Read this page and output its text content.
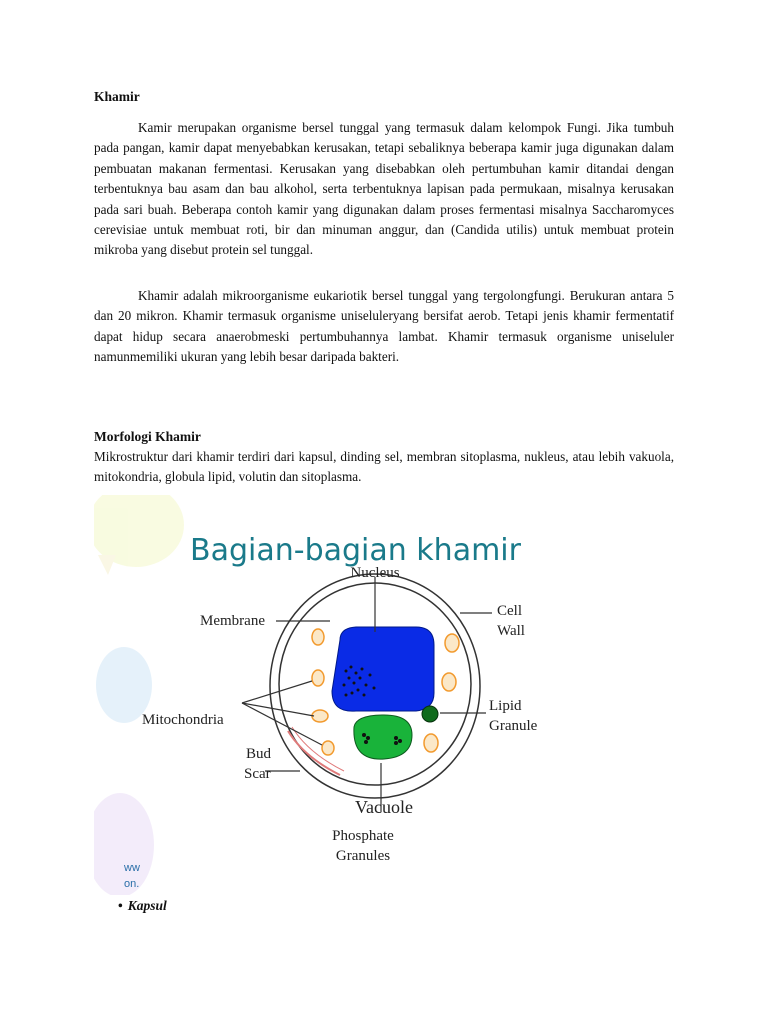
Khamir

Kamir merupakan organisme bersel tunggal yang termasuk dalam kelompok Fungi. Jika tumbuh pada pangan, kamir dapat menyebabkan kerusakan, tetapi sebaliknya beberapa kamir juga digunakan dalam pembuatan makanan fermentasi. Kerusakan yang disebabkan oleh pertumbuhan kamir ditandai dengan terbentuknya bau asam dan bau alkohol, serta terbentuknya lapisan pada permukaan, misalnya kerusakan pada sari buah. Beberapa contoh kamir yang digunakan dalam proses fermentasi misalnya Saccharomyces cerevisiae untuk membuat roti, bir dan minuman anggur, dan (Candida utilis) untuk membuat protein mikroba yang disebut protein sel tunggal.

Khamir adalah mikroorganisme eukariotik bersel tunggal yang tergolongfungi. Berukuran antara 5 dan 20 mikron. Khamir termasuk organisme uniseluleryang bersifat aerob. Tetapi jenis khamir fermentatif dapat hidup secara anaerobmeski pertumbuhannya lambat. Khamir termasuk organisme uniseluler namunmemiliki ukuran yang lebih besar daripada bakteri.

Morfologi Khamir

Mikrostruktur dari khamir terdiri dari kapsul, dinding sel, membran sitoplasma, nukleus, atau lebih vakuola, mitokondria, globula lipid, volutin dan sitoplasma.

ww
on.
Bagian-bagian khamir
Nucleus
Membrane
Cell
Wall
Mitochondria
Lipid
Granule
Bud
Scar
Vacuole
Phosphate
Granules
• Kapsul
